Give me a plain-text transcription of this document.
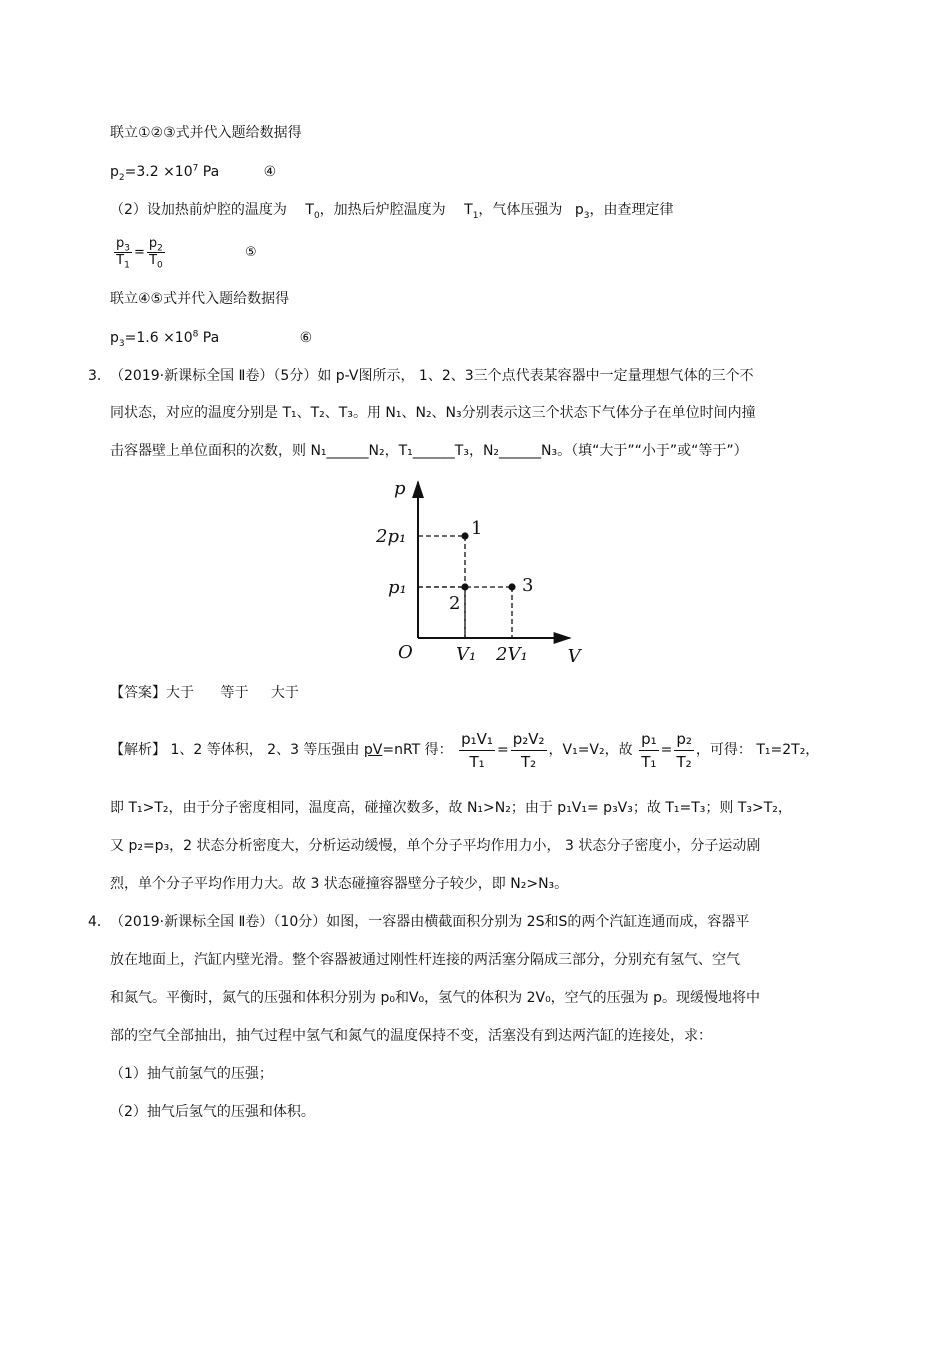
联立①②③式并代入题给数据得
$p_2=3.2 \times 10^7$ Pa	④
（2）设加热前炉腔的温度为 $T_0$，加热后炉腔温度为 $T_1$，气体压强为 $p_3$，由查理定律
$\frac{p_3}{T_1} = \frac{p_2}{T_0}$	⑤
联立④⑤式并代入题给数据得
$p_3=1.6 \times 10^8$ Pa	⑥
3． （2019·新课标全国 Ⅱ卷）（5分）如 p-V图所示， 1、2、3三个点代表某容器中一定量理想气体的三个不
同状态，对应的温度分别是 T₁、T₂、T₃。用 N₁、N₂、N₃分别表示这三个状态下气体分子在单位时间内撞
击容器壁上单位面积的次数，则 N₁______N₂，T₁______T₃，N₂______N₃。（填“大于”“小于”或“等于”）
1
2
3
V
p
O V₁ 2V₁
p₁
2p₁
【答案】大于 等于 大于
【解析】 1、2 等体积， 2、3 等压强由 pV=nRT 得： $\frac{\text{p₁V₁}}{\text{T₁}} = \frac{\text{p₂V₂}}{\text{T₂}}$ ，V₁=V₂，故 $\frac{\text{p₁}}{\text{T₁}} = \frac{\text{p₂}}{\text{T₂}}$ ，可得： T₁=2T₂，
即 T₁>T₂，由于分子密度相同，温度高，碰撞次数多，故 N₁>N₂；由于 p₁V₁= p₃V₃；故 T₁=T₃；则 T₃>T₂，
又 p₂=p₃，2 状态分析密度大，分析运动缓慢，单个分子平均作用力小， 3 状态分子密度小，分子运动剧
烈，单个分子平均作用力大。故 3 状态碰撞容器壁分子较少，即 N₂>N₃。
4． （2019·新课标全国 Ⅱ卷）（10分）如图，一容器由横截面积分别为 2S和S的两个汽缸连通而成，容器平
放在地面上，汽缸内壁光滑。整个容器被通过刚性杆连接的两活塞分隔成三部分，分别充有氢气、空气
和氮气。平衡时，氮气的压强和体积分别为 p₀和V₀，氢气的体积为 2V₀，空气的压强为 p。现缓慢地将中
部的空气全部抽出，抽气过程中氢气和氮气的温度保持不变，活塞没有到达两汽缸的连接处，求：
（1）抽气前氢气的压强；
（2）抽气后氢气的压强和体积。
